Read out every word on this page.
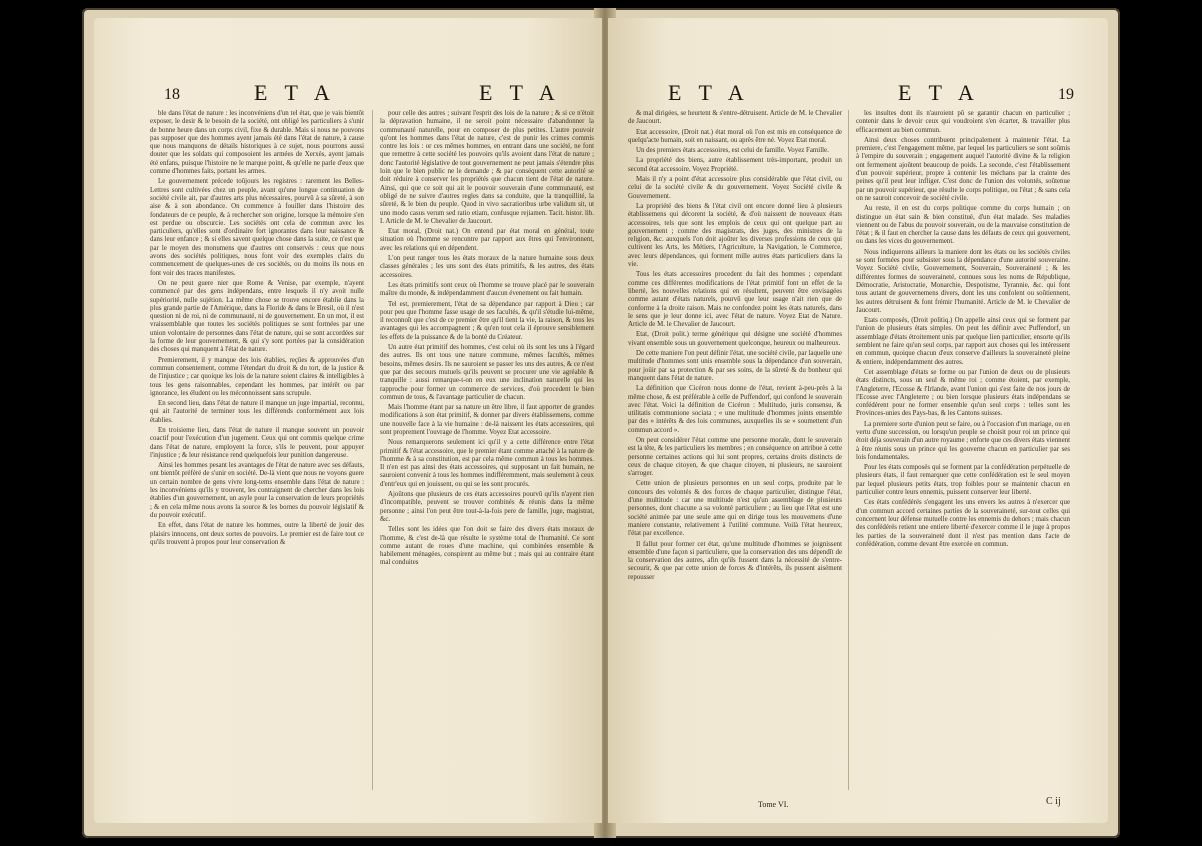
18	E T A	E T A

ble dans l'état de nature : les inconvéniens d'un tel état, que je vais bientôt exposer, le desir & le besoin de la société, ont obligé les particuliers à s'unir de bonne heure dans un corps civil, fixe & durable. Mais si nous ne pouvons pas supposer que des hommes ayent jamais été dans l'état de nature, à cause que nous manquons de détails historiques à ce sujet, nous pourrons aussi douter que les soldats qui composoient les armées de Xerxès, ayent jamais été enfans, puisque l'histoire ne le marque point, & qu'elle ne parle d'eux que comme d'hommes faits, portant les armes.

Le gouvernement précede toûjours les registres : rarement les Belles-Lettres sont cultivées chez un peuple, avant qu'une longue continuation de société civile ait, par d'autres arts plus nécessaires, pourvû à sa sûreté, à son aise & à son abondance. On commence à fouiller dans l'histoire des fondateurs de ce peuple, & à rechercher son origine, lorsque la mémoire s'en est perdue ou obscurcie. Les sociétés ont cela de commun avec les particuliers, qu'elles sont d'ordinaire fort ignorantes dans leur naissance & dans leur enfance ; & si elles savent quelque chose dans la suite, ce n'est que par le moyen des monumens que d'autres ont conservés : ceux que nous avons des sociétés politiques, nous font voir des exemples clairs du commencement de quelques-unes de ces sociétés, ou du moins ils nous en font voir des traces manifestes.

On ne peut guere nier que Rome & Venise, par exemple, n'ayent commencé par des gens indépendans, entre lesquels il n'y avoit nulle supériorité, nulle sujétion. La même chose se trouve encore établie dans la plus grande partie de l'Amérique, dans la Floride & dans le Bresil, où il n'est question ni de roi, ni de communauté, ni de gouvernement. En un mot, il est vraissemblable que toutes les sociétés politiques se sont formées par une union volontaire de personnes dans l'état de nature, qui se sont accordées sur la forme de leur gouvernement, & qui s'y sont portées par la considération des choses qui manquent à l'état de nature.

Premierement, il y manque des lois établies, reçûes & approuvées d'un commun consentement, comme l'étendart du droit & du tort, de la justice & de l'injustice ; car quoique les lois de la nature soient claires & intelligibles à tous les gens raisonnables, cependant les hommes, par intérêt ou par ignorance, les éludent ou les méconnoissent sans scrupule.

En second lieu, dans l'état de nature il manque un juge impartial, reconnu, qui ait l'autorité de terminer tous les différends conformément aux lois établies.

En troisieme lieu, dans l'état de nature il manque souvent un pouvoir coactif pour l'exécution d'un jugement. Ceux qui ont commis quelque crime dans l'état de nature, employent la force, s'ils le peuvent, pour appuyer l'injustice ; & leur résistance rend quelquefois leur punition dangereuse.

Ainsi les hommes pesant les avantages de l'état de nature avec ses défauts, ont bientôt préféré de s'unir en société. De-là vient que nous ne voyons guere un certain nombre de gens vivre long-tems ensemble dans l'état de nature : les inconvéniens qu'ils y trouvent, les contraignent de chercher dans les lois établies d'un gouvernement, un asyle pour la conservation de leurs propriétés ; & en cela même nous avons la source & les bornes du pouvoir législatif & du pouvoir exécutif.

En effet, dans l'état de nature les hommes, outre la liberté de jouir des plaisirs innocens, ont deux sortes de pouvoirs. Le premier est de faire tout ce qu'ils trouvent à propos pour leur conservation &

pour celle des autres ; suivant l'esprit des lois de la nature ; & si ce n'étoit la dépravation humaine, il ne seroit point nécessaire d'abandonner la communauté naturelle, pour en composer de plus petites. L'autre pouvoir qu'ont les hommes dans l'état de nature, c'est de punir les crimes commis contre les lois : or ces mêmes hommes, en entrant dans une société, ne font que remettre à cette société les pouvoirs qu'ils avoient dans l'état de nature ; donc l'autorité législative de tout gouvernement ne peut jamais s'étendre plus loin que le bien public ne le demande ; & par conséquent cette autorité se doit réduire à conserver les propriétés que chacun tient de l'état de nature. Ainsi, qui que ce soit qui ait le pouvoir souverain d'une communauté, est obligé de ne suivre d'autres regles dans sa conduite, que la tranquillité, la sûreté, & le bien du peuple. Quod in vivo sacratioribus urbe validum sit, ut uno modo casus verum sed ratio etiam, confusque rejiamen. Tacit. histor. lib. I. Article de M. le Chevalier de Jaucourt.

Etat moral, (Droit nat.) On entend par état moral en général, toute situation où l'homme se rencontre par rapport aux êtres qui l'environnent, avec les relations qui en dépendent.

L'on peut ranger tous les états moraux de la nature humaine sous deux classes générales ; les uns sont des états primitifs, & les autres, des états accessoires.

Les états primitifs sont ceux où l'homme se trouve placé par le souverain maître du monde, & indépendamment d'aucun évenement ou fait humain.

Tel est, premierement, l'état de sa dépendance par rapport à Dieu ; car pour peu que l'homme fasse usage de ses facultés, & qu'il s'étudie lui-même, il reconnoît que c'est de ce premier être qu'il tient la vie, la raison, & tous les avantages qui les accompagnent ; & qu'en tout cela il éprouve sensiblement les effets de la puissance & de la bonté du Créateur.

Un autre état primitif des hommes, c'est celui où ils sont les uns à l'égard des autres. Ils ont tous une nature commune, mêmes facultés, mêmes besoins, mêmes desirs. Ils ne sauroient se passer les uns des autres, & ce n'est que par des secours mutuels qu'ils peuvent se procurer une vie agréable & tranquille : aussi remarque-t-on en eux une inclination naturelle qui les rapproche pour former un commerce de services, d'où procedent le bien commun de tous, & l'avantage particulier de chacun.

Mais l'homme étant par sa nature un être libre, il faut apporter de grandes modifications à son état primitif, & donner par divers établissemens, comme une nouvelle face à la vie humaine : de-là naissent les états accessoires, qui sont proprement l'ouvrage de l'homme. Voyez Etat accessoire.

Nous remarquerons seulement ici qu'il y a cette différence entre l'état primitif & l'état accessoire, que le premier étant comme attaché à la nature de l'homme & à sa constitution, est par cela même commun à tous les hommes. Il n'en est pas ainsi des états accessoires, qui supposant un fait humain, ne sauroient convenir à tous les hommes indifféremment, mais seulement à ceux d'entr'eux qui en jouissent, ou qui se les sont procurés.

Ajoûtons que plusieurs de ces états accessoires pourvû qu'ils n'ayent rien d'incompatible, peuvent se trouver combinés & réunis dans la même personne ; ainsi l'on peut être tout-à-la-fois pere de famille, juge, magistrat, &c.

Telles sont les idées que l'on doit se faire des divers états moraux de l'homme, & c'est de-là que résulte le système total de l'humanité. Ce sont comme autant de roues d'une machine, qui combinées ensemble & habilement ménagées, conspirent au même but ; mais qui au contraire étant mal conduites

E T A	E T A	19

& mal dirigées, se heurtent & s'entre-détruisent. Article de M. le Chevalier de Jaucourt.

Etat accessoire, (Droit nat.) état moral où l'on est mis en conséquence de quelqu'acte humain, soit en naissant, ou après être né. Voyez Etat moral.

Un des premiers états accessoires, est celui de famille. Voyez Famille.

La propriété des biens, autre établissement très-important, produit un second état accessoire. Voyez Propriété.

Mais il n'y a point d'état accessoire plus considérable que l'état civil, ou celui de la société civile & du gouvernement. Voyez Société civile & Gouvernement.

La propriété des biens & l'état civil ont encore donné lieu à plusieurs établissemens qui décorent la société, & d'où naissent de nouveaux états accessoires, tels que sont les emplois de ceux qui ont quelque part au gouvernement ; comme des magistrats, des juges, des ministres de la religion, &c. auxquels l'on doit ajoûter les diverses professions de ceux qui cultivent les Arts, les Métiers, l'Agriculture, la Navigation, le Commerce, avec leurs dépendances, qui forment mille autres états particuliers dans la vie.

Tous les états accessoires procedent du fait des hommes ; cependant comme ces différentes modifications de l'état primitif font un effet de la liberté, les nouvelles relations qui en résultent, peuvent être envisagées comme autant d'états naturels, pourvû que leur usage n'ait rien que de conforme à la droite raison. Mais ne confondez point les états naturels, dans le sens que je leur donne ici, avec l'état de nature. Voyez Etat de Nature. Article de M. le Chevalier de Jaucourt.

Etat, (Droit polit.) terme générique qui désigne une société d'hommes vivant ensemble sous un gouvernement quelconque, heureux ou malheureux.

De cette maniere l'on peut définir l'état, une société civile, par laquelle une multitude d'hommes sont unis ensemble sous la dépendance d'un souverain, pour joüir par sa protection & par ses soins, de la sûreté & du bonheur qui manquent dans l'état de nature.

La définition que Cicéron nous donne de l'état, revient à-peu-près à la même chose, & est préférable à celle de Puffendorf, qui confond le souverain avec l'état. Voici la définition de Cicéron : Multitudo, juris consensu, & utilitatis communione sociata ; « une multitude d'hommes joints ensemble par des » intérêts & des lois communes, auxquelles ils se » soumettent d'un commun accord ».

On peut considérer l'état comme une personne morale, dont le souverain est la tête, & les particuliers les membres ; en conséquence on attribue à cette personne certaines actions qui lui sont propres, certains droits distincts de ceux de chaque citoyen, & que chaque citoyen, ni plusieurs, ne sauroient s'arroger.

Cette union de plusieurs personnes en un seul corps, produite par le concours des volontés & des forces de chaque particulier, distingue l'état, d'une multitude : car une multitude n'est qu'un assemblage de plusieurs personnes, dont chacune a sa volonté particuliere ; au lieu que l'état est une société animée par une seule ame qui en dirige tous les mouvemens d'une maniere constante, relativement à l'utilité commune. Voilà l'état heureux, l'état par excellence.

Il fallut pour former cet état, qu'une multitude d'hommes se joignissent ensemble d'une façon si particuliere, que la conservation des uns dépendît de la conservation des autres, afin qu'ils fussent dans la nécessité de s'entre-secourir, & que par cette union de forces & d'intérêts, ils pussent aisément repousser

les insultes dont ils n'auroient pû se garantir chacun en particulier ; contenir dans le devoir ceux qui voudroient s'en écarter, & travailler plus efficacement au bien commun.

Ainsi deux choses contribuent principalement à maintenir l'état. La premiere, c'est l'engagement même, par lequel les particuliers se sont soûmis à l'empire du souverain ; engagement auquel l'autorité divine & la religion ont fermement ajoûtent beaucoup de poids. La seconde, c'est l'établissement d'un pouvoir supérieur, propre à contenir les méchans par la crainte des peines qu'il peut leur infliger. C'est donc de l'union des volontés, soûtenue par un pouvoir supérieur, que résulte le corps politique, ou l'état ; & sans cela on ne sauroit concevoir de société civile.

Au reste, il en est du corps politique comme du corps humain ; on distingue un état sain & bien constitué, d'un état malade. Ses maladies viennent ou de l'abus du pouvoir souverain, ou de la mauvaise constitution de l'état ; & il faut en chercher la cause dans les défauts de ceux qui gouvernent, ou dans les vices du gouvernement.

Nous indiquerons ailleurs la maniere dont les états ou les sociétés civiles se sont formées pour subsister sous la dépendance d'une autorité souveraine. Voyez Société civile, Gouvernement, Souverain, Souveraineté ; & les différentes formes de souveraineté, connues sous les noms de République, Démocratie, Aristocratie, Monarchie, Despotisme, Tyrannie, &c. qui font tous autant de gouvernemens divers, dont les uns confolent ou soûtiennent, les autres détruisent & font frémir l'humanité. Article de M. le Chevalier de Jaucourt.

Etats composés, (Droit politiq.) On appelle ainsi ceux qui se forment par l'union de plusieurs états simples. On peut les définir avec Puffendorf, un assemblage d'états étroitement unis par quelque lien particulier, ensorte qu'ils semblent ne faire qu'un seul corps, par rapport aux choses qui les intéressent en commun, quoique chacun d'eux conserve d'ailleurs la souveraineté pleine & entiere, indépendamment des autres.

Cet assemblage d'états se forme ou par l'union de deux ou de plusieurs états distincts, sous un seul & même roi ; comme étoient, par exemple, l'Angleterre, l'Ecosse & l'Irlande, avant l'union qui s'est faite de nos jours de l'Ecosse avec l'Angleterre ; ou bien lorsque plusieurs états indépendans se confédèrent pour ne former ensemble qu'un seul corps : telles sont les Provinces-unies des Pays-bas, & les Cantons suisses.

La premiere sorte d'union peut se faire, ou à l'occasion d'un mariage, ou en vertu d'une succession, ou lorsqu'un peuple se choisit pour roi un prince qui étoit déja souverain d'un autre royaume ; enforte que ces divers états viennent à être réunis sous un prince qui les gouverne chacun en particulier par ses lois fondamentales.

Pour les états composés qui se forment par la confédération perpétuelle de plusieurs états, il faut remarquer que cette confédération est le seul moyen par lequel plusieurs petits états, trop foibles pour se maintenir chacun en particulier contre leurs ennemis, puissent conserver leur liberté.

Ces états confédérés s'engagent les uns envers les autres à n'exercer que d'un commun accord certaines parties de la souveraineté, sur-tout celles qui concernent leur défense mutuelle contre les ennemis du dehors ; mais chacun des confédérés retient une entiere liberté d'exercer comme il le juge à propos les parties de la souveraineté dont il n'est pas mention dans l'acte de confédération, comme devant être exercée en commun.

Tome VI.	C ij
